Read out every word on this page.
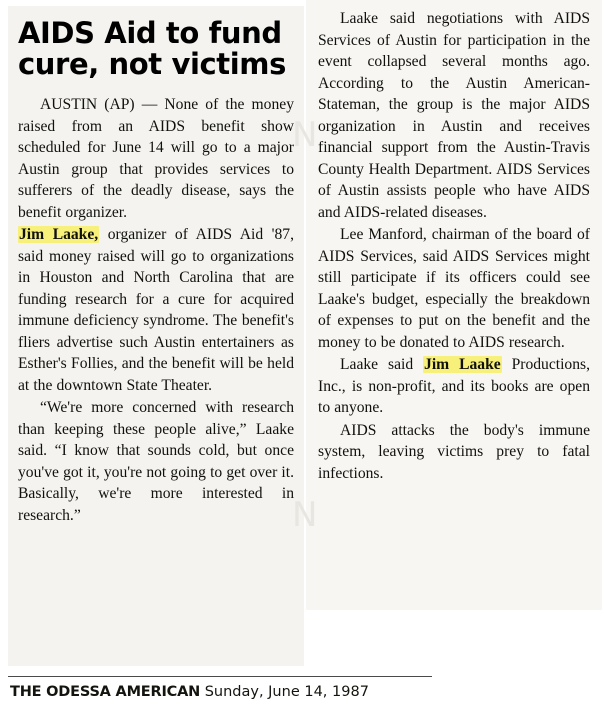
N
N
AIDS Aid to fund cure, not victims

AUSTIN (AP) — None of the money raised from an AIDS benefit show scheduled for June 14 will go to a major Austin group that provides services to sufferers of the deadly disease, says the benefit organizer.

Jim Laake, organizer of AIDS Aid '87, said money raised will go to organizations in Houston and North Carolina that are funding research for a cure for acquired immune deficiency syndrome. The benefit's fliers advertise such Austin entertainers as Esther's Follies, and the benefit will be held at the downtown State Theater.

“We're more concerned with research than keeping these people alive,” Laake said. “I know that sounds cold, but once you've got it, you're not going to get over it. Basically, we're more interested in research.”

Laake said negotiations with AIDS Services of Austin for participation in the event collapsed several months ago. According to the Austin American-Stateman, the group is the major AIDS organization in Austin and receives financial support from the Austin-Travis County Health Department. AIDS Services of Austin assists people who have AIDS and AIDS-related diseases.

Lee Manford, chairman of the board of AIDS Services, said AIDS Services might still participate if its officers could see Laake's budget, especially the breakdown of expenses to put on the benefit and the money to be donated to AIDS research.

Laake said Jim Laake Productions, Inc., is non-profit, and its books are open to anyone.

AIDS attacks the body's immune system, leaving victims prey to fatal infections.

THE ODESSA AMERICAN Sunday, June 14, 1987
